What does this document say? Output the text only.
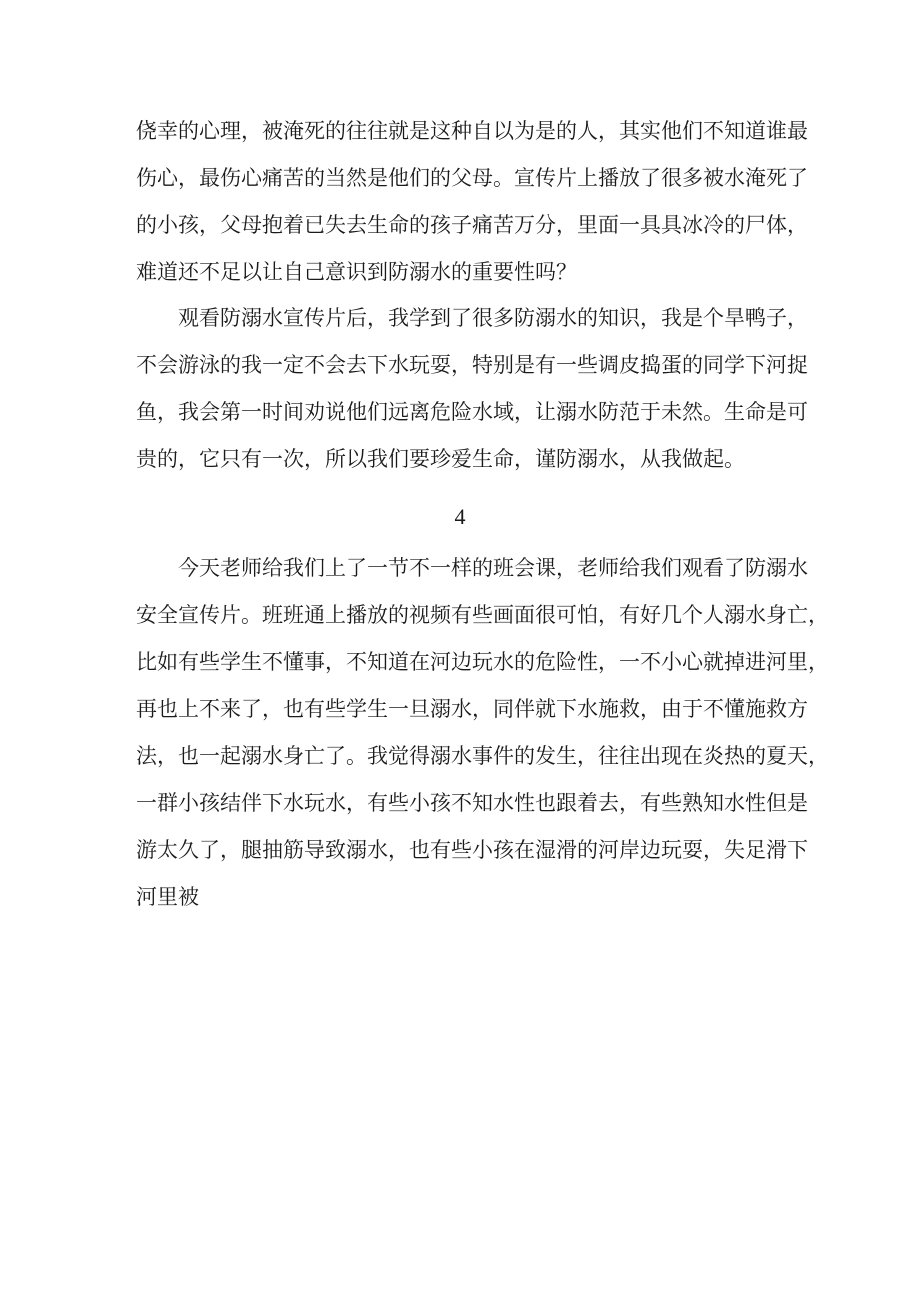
侥幸的心理，被淹死的往往就是这种自以为是的人，其实他们不知道谁最
伤心，最伤心痛苦的当然是他们的父母。宣传片上播放了很多被水淹死了
的小孩，父母抱着已失去生命的孩子痛苦万分，里面一具具冰冷的尸体，
难道还不足以让自己意识到防溺水的重要性吗？
观看防溺水宣传片后，我学到了很多防溺水的知识，我是个旱鸭子，
不会游泳的我一定不会去下水玩耍，特别是有一些调皮捣蛋的同学下河捉
鱼，我会第一时间劝说他们远离危险水域，让溺水防范于未然。生命是可
贵的，它只有一次，所以我们要珍爱生命，谨防溺水，从我做起。
4
今天老师给我们上了一节不一样的班会课，老师给我们观看了防溺水
安全宣传片。班班通上播放的视频有些画面很可怕，有好几个人溺水身亡，
比如有些学生不懂事，不知道在河边玩水的危险性，一不小心就掉进河里，
再也上不来了，也有些学生一旦溺水，同伴就下水施救，由于不懂施救方
法，也一起溺水身亡了。我觉得溺水事件的发生，往往出现在炎热的夏天，
一群小孩结伴下水玩水，有些小孩不知水性也跟着去，有些熟知水性但是
游太久了，腿抽筋导致溺水，也有些小孩在湿滑的河岸边玩耍，失足滑下
河里被
